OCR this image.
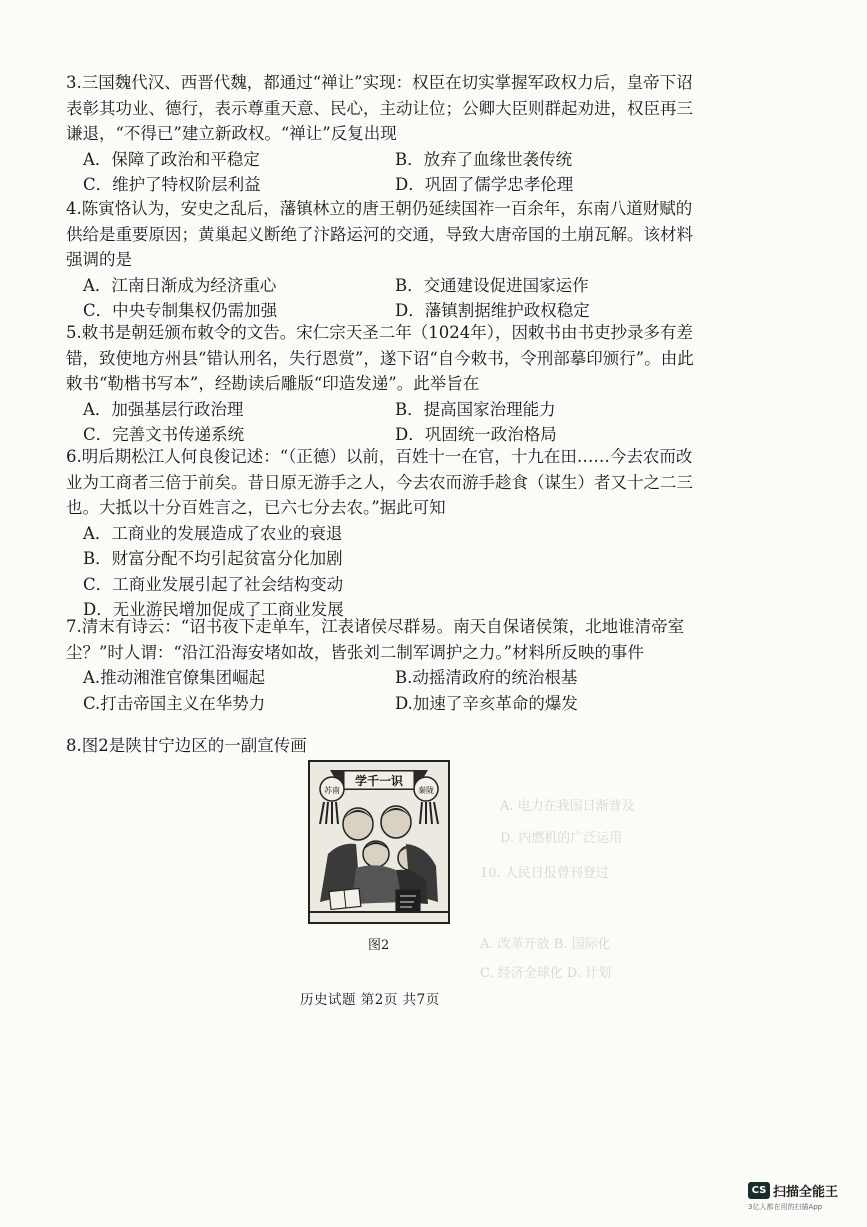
A. 电力在我国日渐普及
D. 内燃机的广泛运用
10. 人民日报曾刊登过
A. 改革开放 B. 国际化
C. 经济全球化 D. 计划

3.三国魏代汉、西晋代魏，都通过“禅让”实现：权臣在切实掌握军政权力后，皇帝下诏表彰其功业、德行，表示尊重天意、民心，主动让位；公卿大臣则群起劝进，权臣再三谦退，“不得已”建立新政权。“禅让”反复出现

A．保障了政治和平稳定	B．放弃了血缘世袭传统
C．维护了特权阶层利益	D．巩固了儒学忠孝伦理

4.陈寅恪认为，安史之乱后，藩镇林立的唐王朝仍延续国祚一百余年，东南八道财赋的供给是重要原因；黄巢起义断绝了汴路运河的交通，导致大唐帝国的土崩瓦解。该材料强调的是

A．江南日渐成为经济重心	B．交通建设促进国家运作
C．中央专制集权仍需加强	D．藩镇割据维护政权稳定

5.敕书是朝廷颁布敕令的文告。宋仁宗天圣二年（1024年），因敕书由书吏抄录多有差错，致使地方州县“错认刑名，失行恩赏”，遂下诏“自今敕书，令刑部摹印颁行”。由此敕书“勒楷书写本”，经勘读后雕版“印造发递”。此举旨在

A．加强基层行政治理	B．提高国家治理能力
C．完善文书传递系统	D．巩固统一政治格局

6.明后期松江人何良俊记述：“（正德）以前，百姓十一在官，十九在田……今去农而改业为工商者三倍于前矣。昔日原无游手之人，今去农而游手趁食（谋生）者又十之二三也。大抵以十分百姓言之，已六七分去农。”据此可知

A．工商业的发展造成了农业的衰退
B．财富分配不均引起贫富分化加剧
C．工商业发展引起了社会结构变动
D．无业游民增加促成了工商业发展

7.清末有诗云：“诏书夜下走单车，江表诸侯尽群易。南天自保诸侯策，北地谁清帝室尘？”时人谓：“沿江沿海安堵如故，皆张刘二制军调护之力。”材料所反映的事件

A.推动湘淮官僚集团崛起	B.动摇清政府的统治根基
C.打击帝国主义在华势力	D.加速了辛亥革命的爆发

8.图2是陕甘宁边区的一副宣传画

学千一识
苏南	秦陇
图2
历史试题 第2页 共7页
CS 扫描全能王
3亿人都在用的扫描App
